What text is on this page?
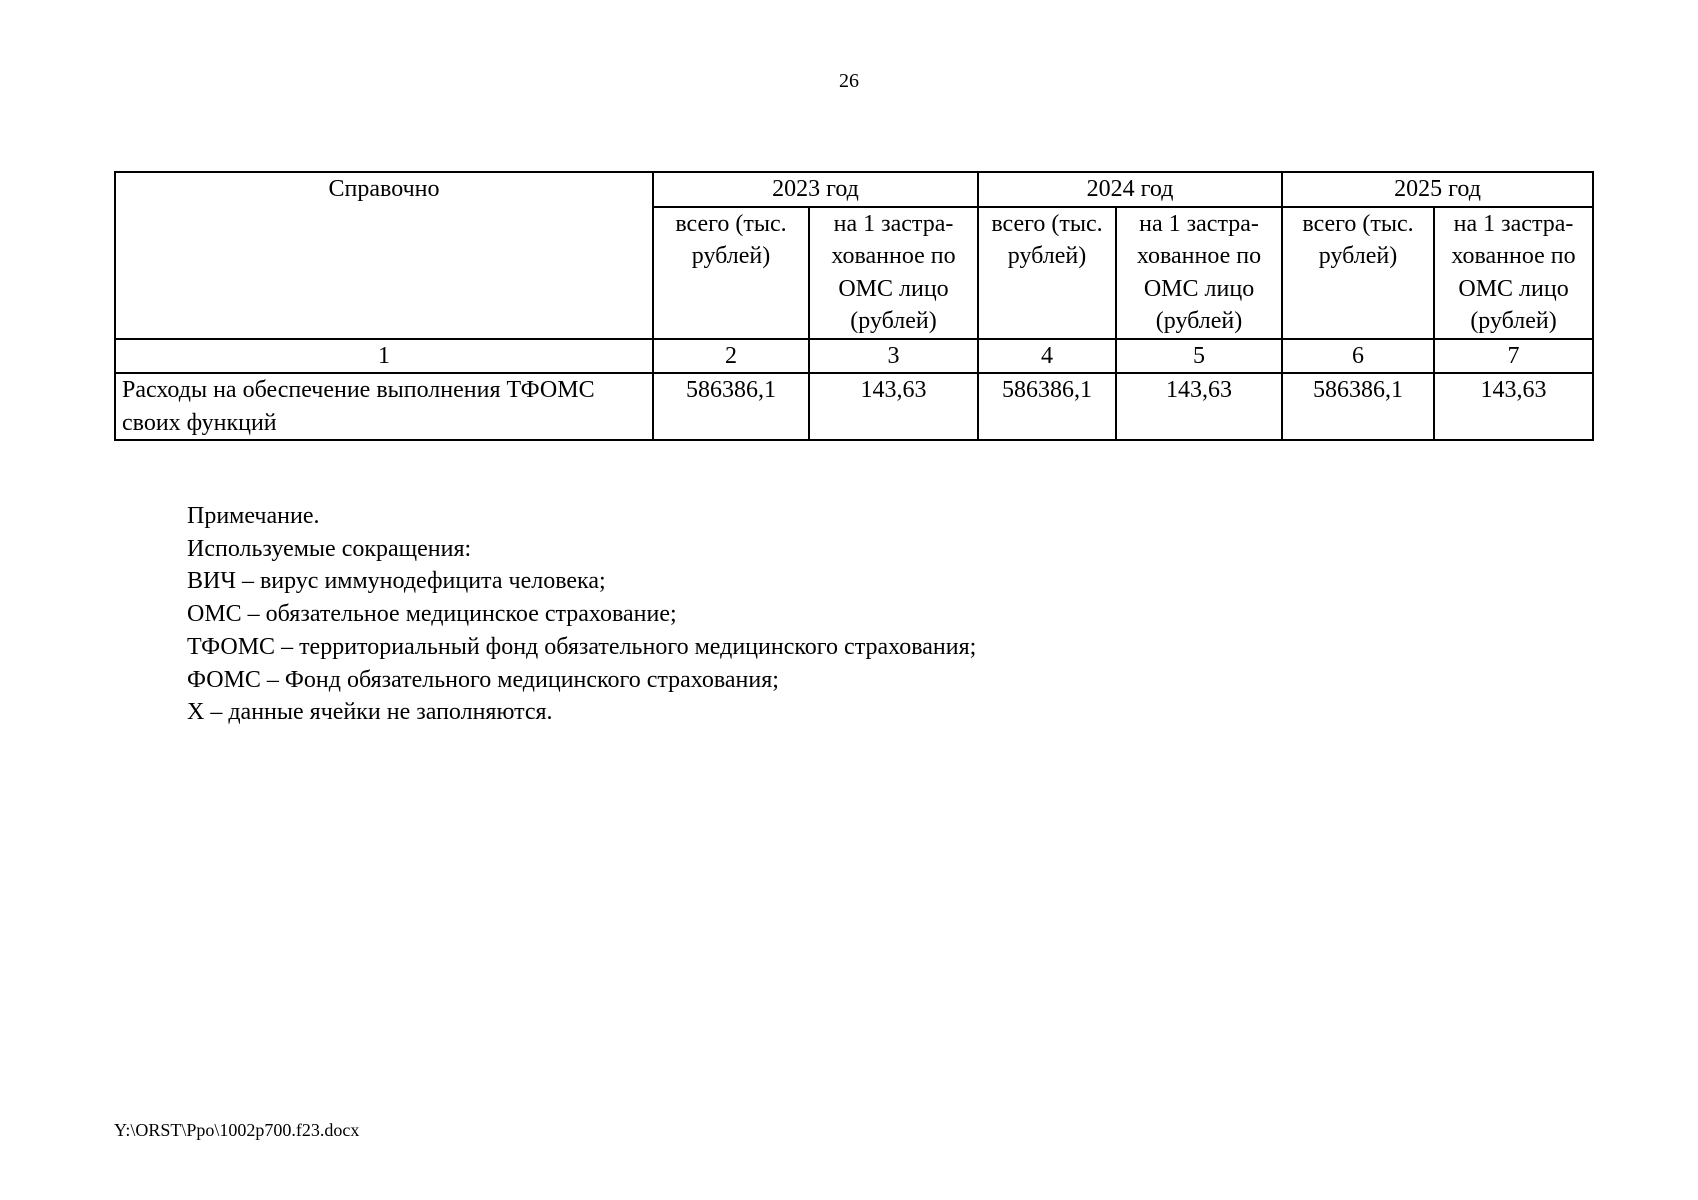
26
Справочно	2023 год		2024 год		2025 год	
	всего (тыс. рублей)	на 1 застра-хованное по ОМС лицо (рублей)	всего (тыс. рублей)	на 1 застра-хованное по ОМС лицо (рублей)	всего (тыс. рублей)	на 1 застра-хованное по ОМС лицо (рублей)
1	2	3	4	5	6	7
Расходы на обеспечение выполнения ТФОМС своих функций	586386,1	143,63	586386,1	143,63	586386,1	143,63
Примечание.
Используемые сокращения:
ВИЧ – вирус иммунодефицита человека;
ОМС – обязательное медицинское страхование;
ТФОМС – территориальный фонд обязательного медицинского страхования;
ФОМС – Фонд обязательного медицинского страхования;
X – данные ячейки не заполняются.
Y:\ORST\Ppo\1002p700.f23.docx
